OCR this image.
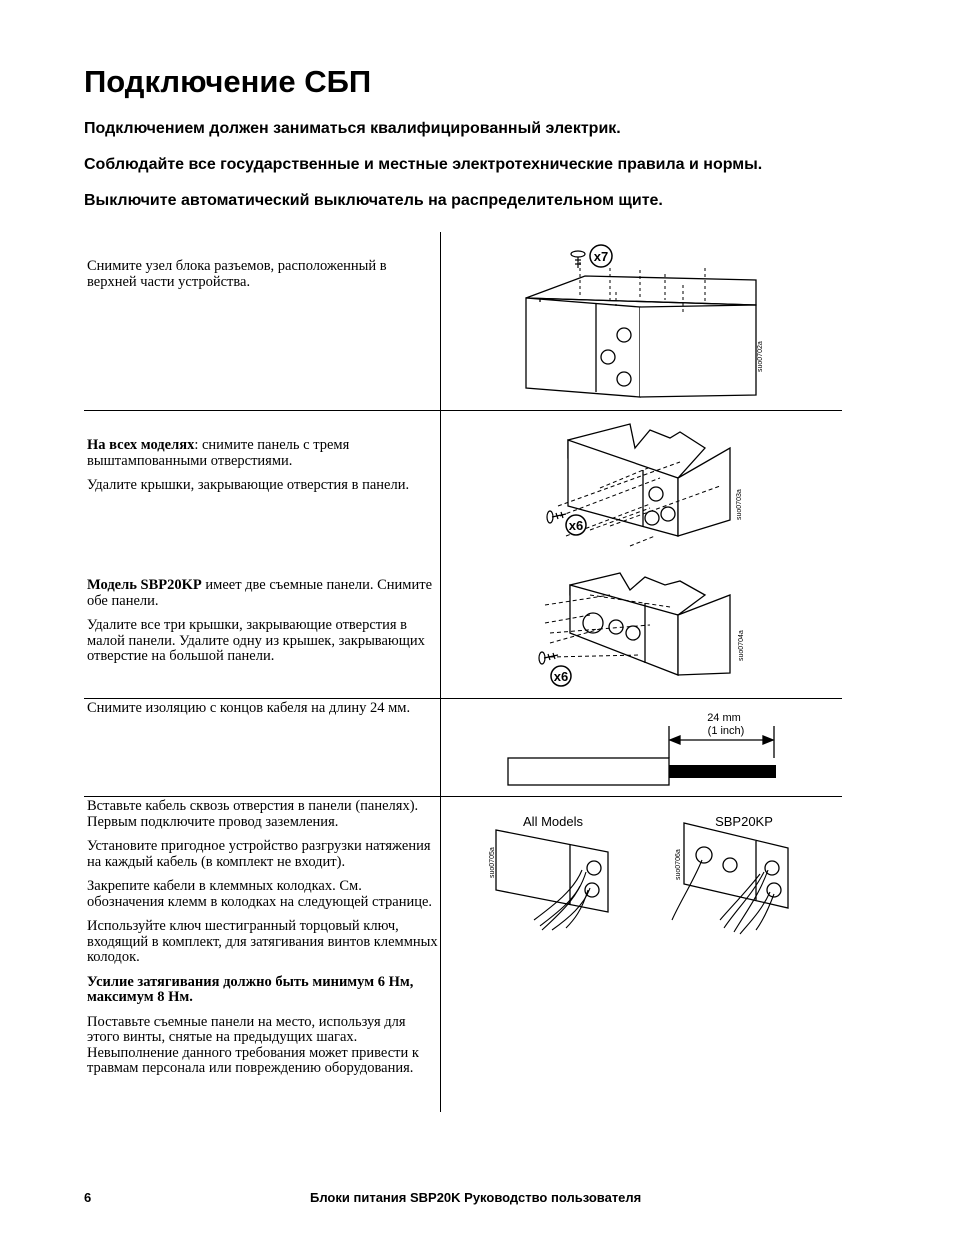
Подключение СБП

Подключением должен заниматься квалифицированный электрик.

Соблюдайте все государственные и местные электротехнические правила и нормы.

Выключите автоматический выключатель на распределительном щите.

Снимите узел блока разъемов, расположенный в верхней части устройства.

На всех моделях: снимите панель с тремя выштампованными отверстиями.

Удалите крышки, закрывающие отверстия в панели.

Модель SBP20KP имеет две съемные панели. Снимите обе панели.

Удалите все три крышки, закрывающие отверстия в малой панели. Удалите одну из крышек, закрывающих отверстие на большой панели.

Снимите изоляцию с концов кабеля на длину 24 мм.

Вставьте кабель сквозь отверстия в панели (панелях). Первым подключите провод заземления.

Установите пригодное устройство разгрузки натяжения на каждый кабель (в комплект не входит).

Закрепите кабели в клеммных колодках. См. обозначения клемм в колодках на следующей странице.

Используйте ключ шестигранный торцовый ключ, входящий в комплект, для затягивания винтов клеммных колодок.

Усилие затягивания должно быть минимум 6 Нм, максимум 8 Нм.

Поставьте съемные панели на место, используя для этого винты, снятые на предыдущих шагах. Невыполнение данного требования может привести к травмам персонала или повреждению оборудования.

x7
suo0702a
x6
suo0703a
x6
suo0704a
24 mm
(1 inch)
All Models	SBP20KP
suo0705a	suo0706a
6	Блоки питания SBP20K Руководство пользователя
